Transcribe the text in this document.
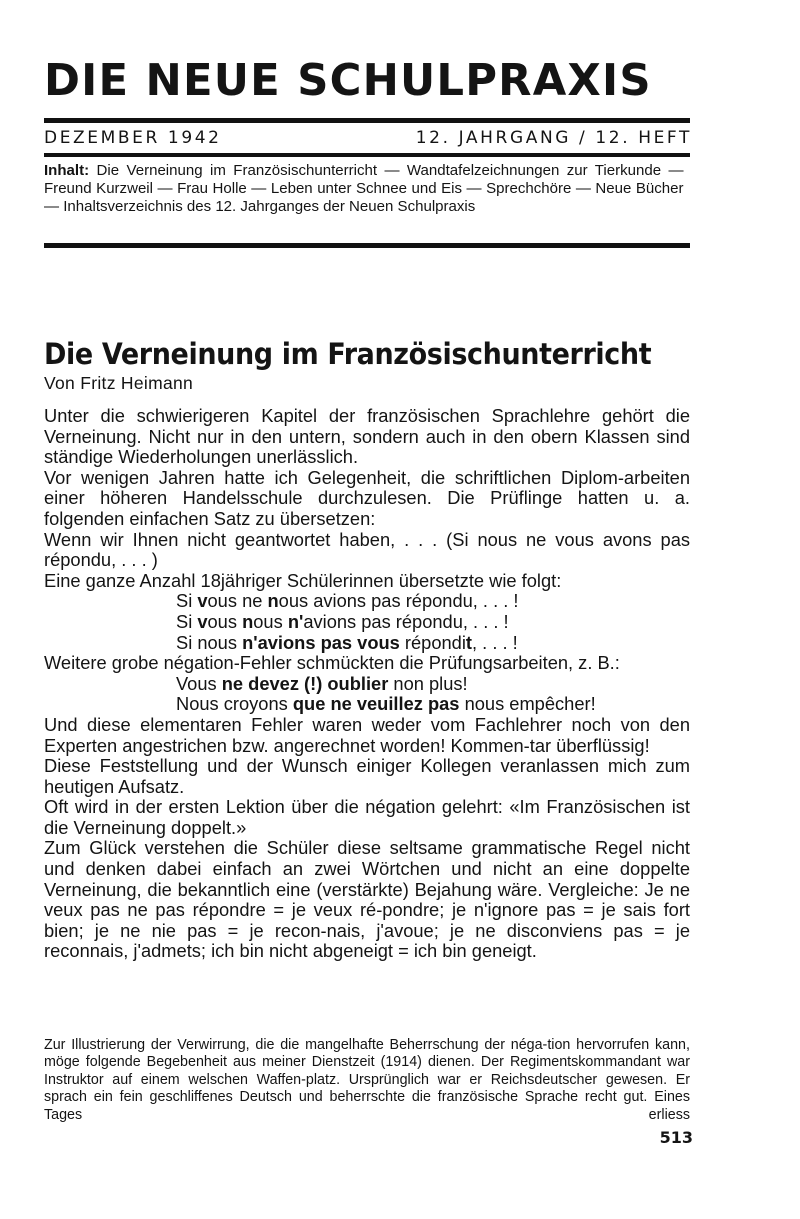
DIE NEUE SCHULPRAXIS
DEZEMBER 1942	12. JAHRGANG / 12. HEFT
Inhalt: Die Verneinung im Französischunterricht — Wandtafelzeichnungen zur Tierkunde — Freund Kurzweil — Frau Holle — Leben unter Schnee und Eis — Sprechchöre — Neue Bücher — Inhaltsverzeichnis des 12. Jahrganges der Neuen Schulpraxis
Die Verneinung im Französischunterricht

Von Fritz Heimann

Unter die schwierigeren Kapitel der französischen Sprachlehre gehört die Verneinung. Nicht nur in den untern, sondern auch in den obern Klassen sind ständige Wiederholungen unerlässlich.

Vor wenigen Jahren hatte ich Gelegenheit, die schriftlichen Diplom-arbeiten einer höheren Handelsschule durchzulesen. Die Prüflinge hatten u. a. folgenden einfachen Satz zu übersetzen:

Wenn wir Ihnen nicht geantwortet haben, . . . (Si nous ne vous avons pas répondu, . . . )

Eine ganze Anzahl 18jähriger Schülerinnen übersetzte wie folgt:

Si vous ne nous avions pas répondu, . . . !

Si vous nous n'avions pas répondu, . . . !

Si nous n'avions pas vous répondit, . . . !

Weitere grobe négation-Fehler schmückten die Prüfungsarbeiten, z. B.:

Vous ne devez (!) oublier non plus!

Nous croyons que ne veuillez pas nous empêcher!

Und diese elementaren Fehler waren weder vom Fachlehrer noch von den Experten angestrichen bzw. angerechnet worden! Kommen-tar überflüssig!

Diese Feststellung und der Wunsch einiger Kollegen veranlassen mich zum heutigen Aufsatz.

Oft wird in der ersten Lektion über die négation gelehrt: «Im Französischen ist die Verneinung doppelt.»

Zum Glück verstehen die Schüler diese seltsame grammatische Regel nicht und denken dabei einfach an zwei Wörtchen und nicht an eine doppelte Verneinung, die bekanntlich eine (verstärkte) Bejahung wäre. Vergleiche: Je ne veux pas ne pas répondre = je veux ré-pondre; je n'ignore pas = je sais fort bien; je ne nie pas = je recon-nais, j'avoue; je ne disconviens pas = je reconnais, j'admets; ich bin nicht abgeneigt = ich bin geneigt.

Zur Illustrierung der Verwirrung, die die mangelhafte Beherrschung der néga-tion hervorrufen kann, möge folgende Begebenheit aus meiner Dienstzeit (1914) dienen. Der Regimentskommandant war Instruktor auf einem welschen Waffen-platz. Ursprünglich war er Reichsdeutscher gewesen. Er sprach ein fein geschliffenes Deutsch und beherrschte die französische Sprache recht gut. Eines Tages erliess
513
